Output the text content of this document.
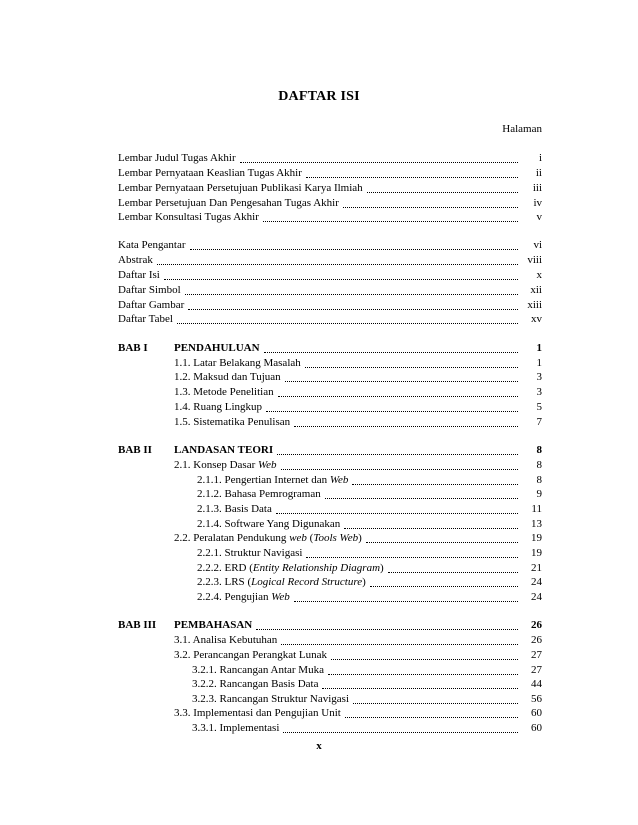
DAFTAR ISI
Halaman
Lembar Judul Tugas Akhir	i
Lembar Pernyataan Keaslian Tugas Akhir	ii
Lembar Pernyataan Persetujuan Publikasi Karya Ilmiah	iii
Lembar Persetujuan Dan Pengesahan Tugas Akhir	iv
Lembar Konsultasi Tugas Akhir	v
Kata Pengantar	vi
Abstrak	viii
Daftar Isi	x
Daftar Simbol	xii
Daftar Gambar	xiii
Daftar Tabel	xv
BAB I	PENDAHULUAN	1
1.1. Latar Belakang Masalah	1
1.2. Maksud dan Tujuan	3
1.3. Metode Penelitian	3
1.4. Ruang Lingkup	5
1.5. Sistematika Penulisan	7
BAB II	LANDASAN TEORI	8
2.1. Konsep Dasar Web	8
2.1.1. Pengertian Internet dan Web	8
2.1.2. Bahasa Pemrograman	9
2.1.3. Basis Data	11
2.1.4. Software Yang Digunakan	13
2.2. Peralatan Pendukung web (Tools Web)	19
2.2.1. Struktur Navigasi	19
2.2.2. ERD (Entity Relationship Diagram)	21
2.2.3. LRS (Logical Record Structure)	24
2.2.4. Pengujian Web	24
BAB III	PEMBAHASAN	26
3.1. Analisa Kebutuhan	26
3.2. Perancangan Perangkat Lunak	27
3.2.1. Rancangan Antar Muka	27
3.2.2. Rancangan Basis Data	44
3.2.3. Rancangan Struktur Navigasi	56
3.3. Implementasi dan Pengujian Unit	60
3.3.1. Implementasi	60
x
